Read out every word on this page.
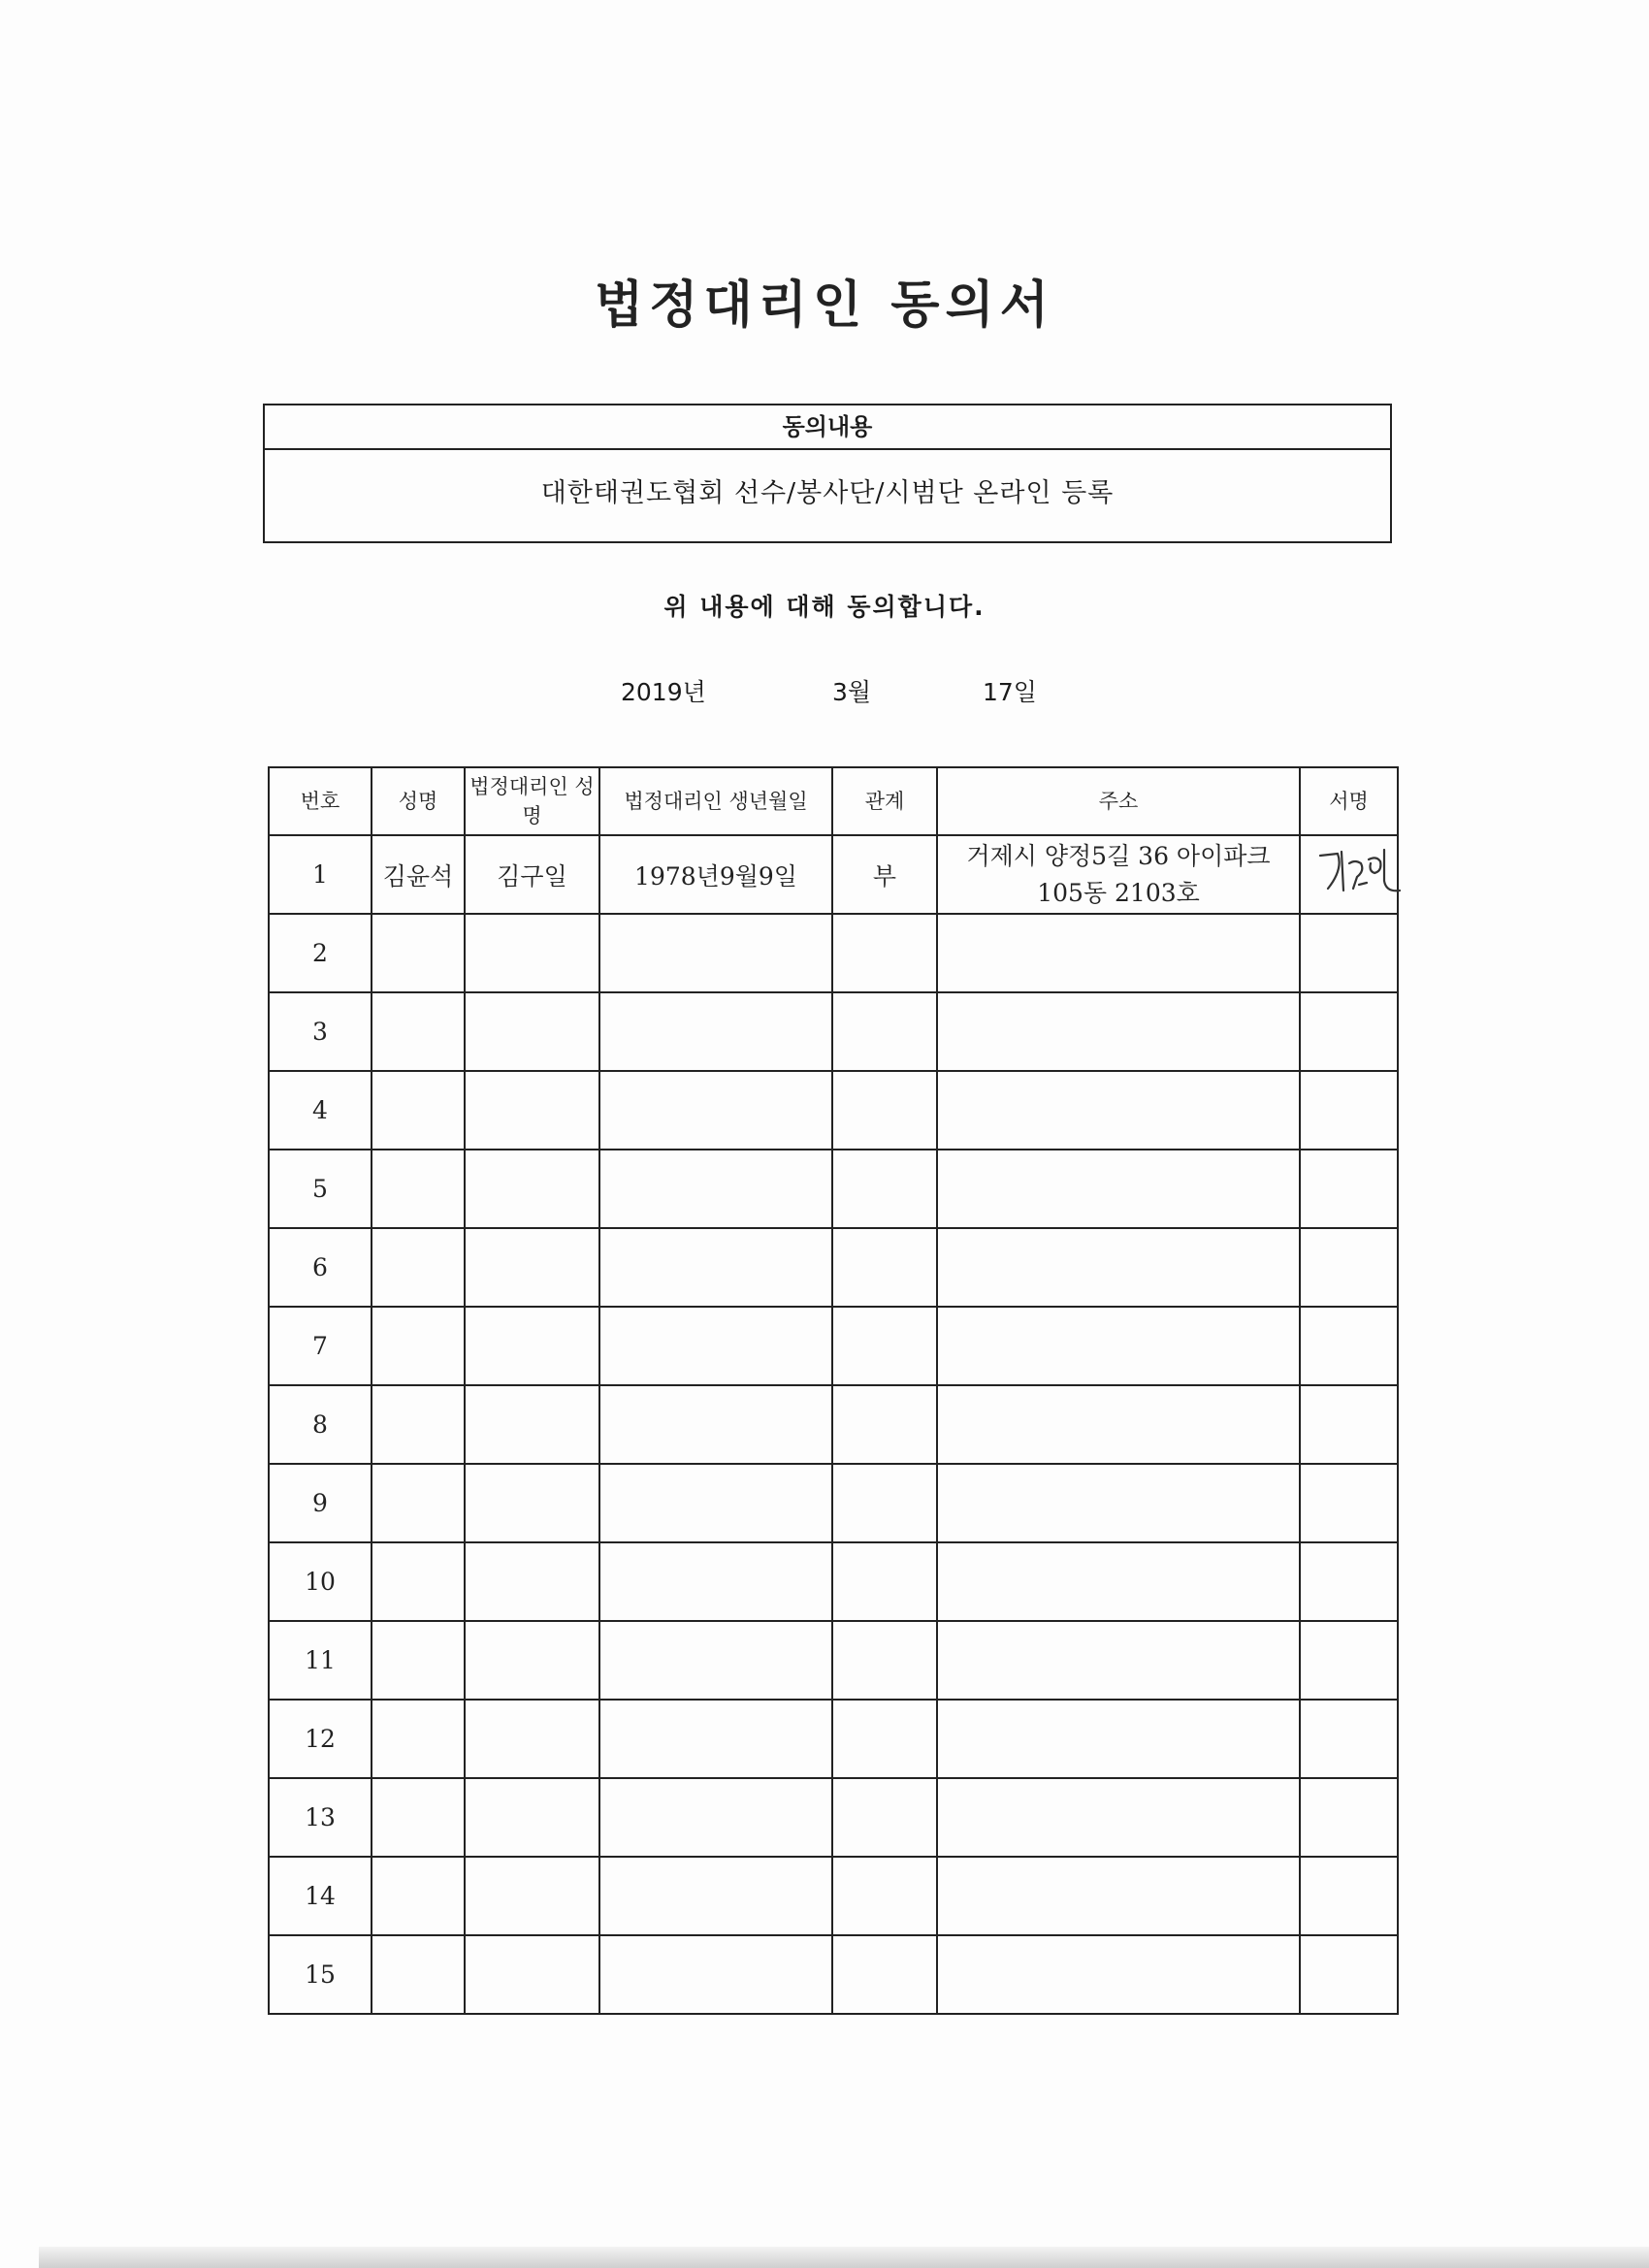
법정대리인 동의서
동의내용
대한태권도협회 선수/봉사단/시범단 온라인 등록
위 내용에 대해 동의합니다.
2019년	3월	17일
번호	성명	법정대리인 성명	법정대리인 생년월일	관계	주소	서명
1	김윤석	김구일	1978년9월9일	부	거제시 양정5길 36 아이파크
105동 2103호

2						
3						
4						
5						
6						
7						
8						
9						
10						
11						
12						
13						
14						
15						
